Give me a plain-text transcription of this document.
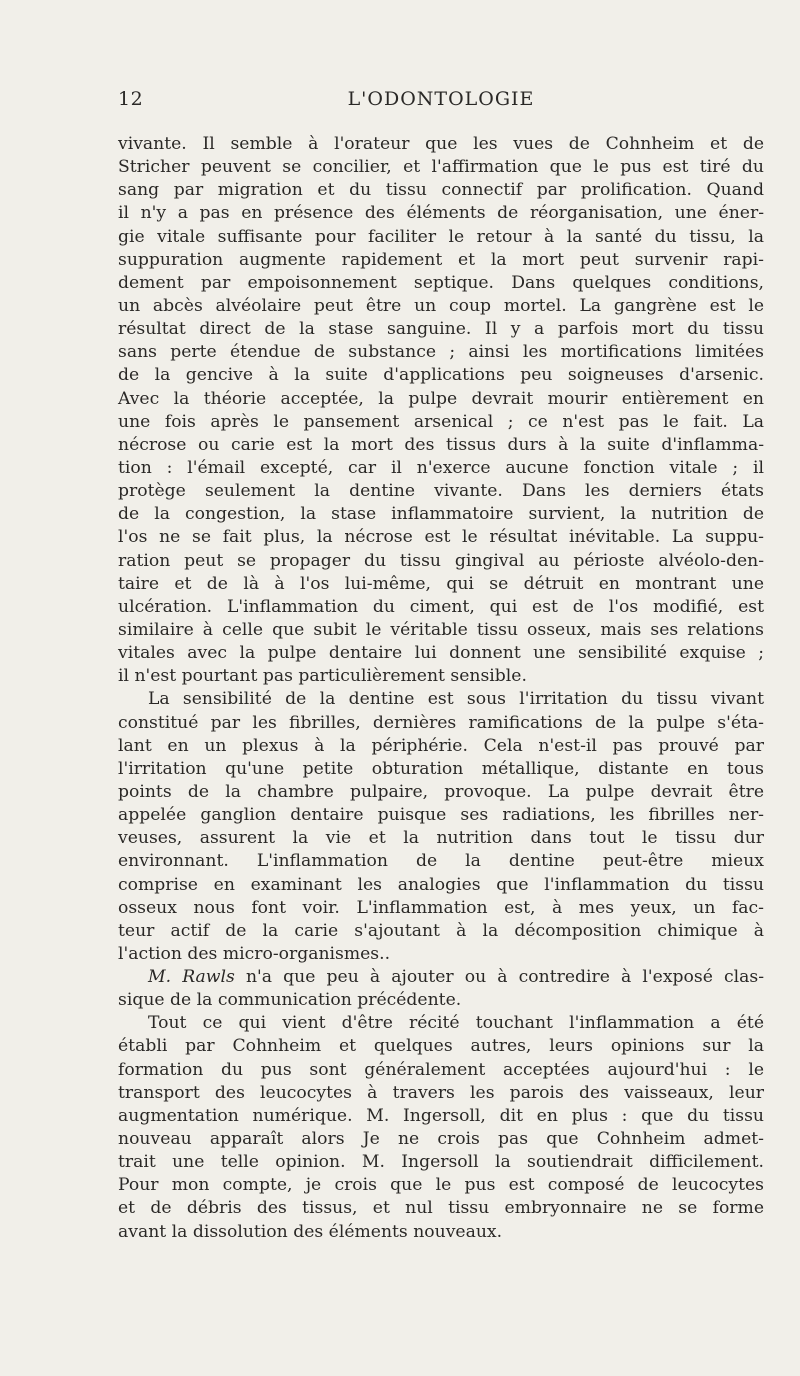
12	L'ODONTOLOGIE
vivante. Il semble à l'orateur que les vues de Cohnheim et de
Stricher peuvent se concilier, et l'affirmation que le pus est tiré du
sang par migration et du tissu connectif par prolification. Quand
il n'y a pas en présence des éléments de réorganisation, une éner-
gie vitale suffisante pour faciliter le retour à la santé du tissu, la
suppuration augmente rapidement et la mort peut survenir rapi-
dement par empoisonnement septique. Dans quelques conditions,
un abcès alvéolaire peut être un coup mortel. La gangrène est le
résultat direct de la stase sanguine. Il y a parfois mort du tissu
sans perte étendue de substance ; ainsi les mortifications limitées
de la gencive à la suite d'applications peu soigneuses d'arsenic.
Avec la théorie acceptée, la pulpe devrait mourir entièrement en
une fois après le pansement arsenical ; ce n'est pas le fait. La
nécrose ou carie est la mort des tissus durs à la suite d'inflamma-
tion : l'émail excepté, car il n'exerce aucune fonction vitale ; il
protège seulement la dentine vivante. Dans les derniers états
de la congestion, la stase inflammatoire survient, la nutrition de
l'os ne se fait plus, la nécrose est le résultat inévitable. La suppu-
ration peut se propager du tissu gingival au périoste alvéolo-den-
taire et de là à l'os lui-même, qui se détruit en montrant une
ulcération. L'inflammation du ciment, qui est de l'os modifié, est
similaire à celle que subit le véritable tissu osseux, mais ses relations
vitales avec la pulpe dentaire lui donnent une sensibilité exquise ;
il n'est pourtant pas particulièrement sensible.
La sensibilité de la dentine est sous l'irritation du tissu vivant
constitué par les fibrilles, dernières ramifications de la pulpe s'éta-
lant en un plexus à la périphérie. Cela n'est-il pas prouvé par
l'irritation qu'une petite obturation métallique, distante en tous
points de la chambre pulpaire, provoque. La pulpe devrait être
appelée ganglion dentaire puisque ses radiations, les fibrilles ner-
veuses, assurent la vie et la nutrition dans tout le tissu dur
environnant. L'inflammation de la dentine peut-être mieux
comprise en examinant les analogies que l'inflammation du tissu
osseux nous font voir. L'inflammation est, à mes yeux, un fac-
teur actif de la carie s'ajoutant à la décomposition chimique à
l'action des micro-organismes..
M. Rawls n'a que peu à ajouter ou à contredire à l'exposé clas-
sique de la communication précédente.
Tout ce qui vient d'être récité touchant l'inflammation a été
établi par Cohnheim et quelques autres, leurs opinions sur la
formation du pus sont généralement acceptées aujourd'hui : le
transport des leucocytes à travers les parois des vaisseaux, leur
augmentation numérique. M. Ingersoll, dit en plus : que du tissu
nouveau apparaît alors Je ne crois pas que Cohnheim admet-
trait une telle opinion. M. Ingersoll la soutiendrait difficilement.
Pour mon compte, je crois que le pus est composé de leucocytes
et de débris des tissus, et nul tissu embryonnaire ne se forme
avant la dissolution des éléments nouveaux.
